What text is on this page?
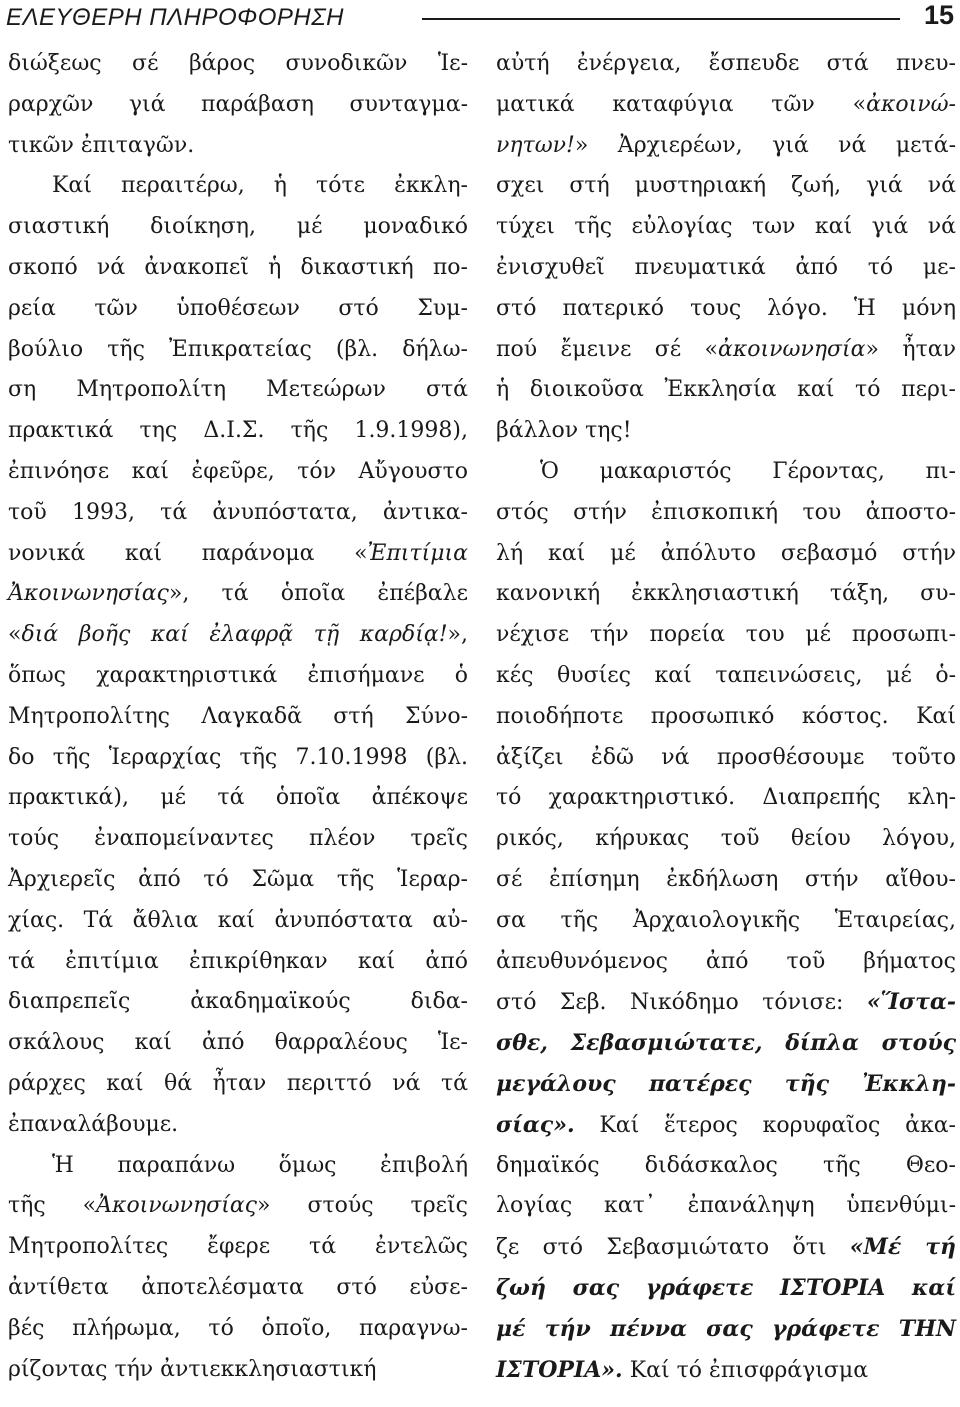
ΕΛΕΥΘΕΡΗ ΠΛΗΡΟΦΟΡΗΣΗ	15
διώξεως σέ βάρος συνοδικῶν Ἱε-
ραρχῶν γιά παράβαση συνταγμα-
τικῶν ἐπιταγῶν.
Καί περαιτέρω, ἡ τότε ἐκκλη-
σιαστική διοίκηση, μέ μοναδικό
σκοπό νά ἀνακοπεῖ ἡ δικαστική πο-
ρεία τῶν ὑποθέσεων στό Συμ-
βούλιο τῆς Ἐπικρατείας (βλ. δήλω-
ση Μητροπολίτη Μετεώρων στά
πρακτικά της Δ.Ι.Σ. τῆς 1.9.1998),
ἐπινόησε καί ἐφεῦρε, τόν Αὔγουστο
τοῦ 1993, τά ἀνυπόστατα, ἀντικα-
νονικά καί παράνομα «Ἐπιτίμια
Ἀκοινωνησίας», τά ὁποῖα ἐπέβαλε
«διά βοῆς καί ἐλαφρᾷ τῇ καρδίᾳ!»,
ὅπως χαρακτηριστικά ἐπισήμανε ὁ
Μητροπολίτης Λαγκαδᾶ στή Σύνο-
δο τῆς Ἱεραρχίας τῆς 7.10.1998 (βλ.
πρακτικά), μέ τά ὁποῖα ἀπέκοψε
τούς ἐναπομείναντες πλέον τρεῖς
Ἀρχιερεῖς ἀπό τό Σῶμα τῆς Ἱεραρ-
χίας. Τά ἄθλια καί ἀνυπόστατα αὐ-
τά ἐπιτίμια ἐπικρίθηκαν καί ἀπό
διαπρεπεῖς ἀκαδημαϊκούς διδα-
σκάλους καί ἀπό θαρραλέους Ἱε-
ράρχες καί θά ἦταν περιττό νά τά
ἐπαναλάβουμε.
Ἡ παραπάνω ὅμως ἐπιβολή
τῆς «Ἀκοινωνησίας» στούς τρεῖς
Μητροπολίτες ἔφερε τά ἐντελῶς
ἀντίθετα ἀποτελέσματα στό εὐσε-
βές πλήρωμα, τό ὁποῖο, παραγνω-
ρίζοντας τήν ἀντιεκκλησιαστική
αὐτή ἐνέργεια, ἔσπευδε στά πνευ-
ματικά καταφύγια τῶν «ἀκοινώ-
νητων!» Ἀρχιερέων, γιά νά μετά-
σχει στή μυστηριακή ζωή, γιά νά
τύχει τῆς εὐλογίας των καί γιά νά
ἐνισχυθεῖ πνευματικά ἀπό τό με-
στό πατερικό τους λόγο. Ἡ μόνη
πού ἔμεινε σέ «ἀκοινωνησία» ἦταν
ἡ διοικοῦσα Ἐκκλησία καί τό περι-
βάλλον της!
Ὁ μακαριστός Γέροντας, πι-
στός στήν ἐπισκοπική του ἀποστο-
λή καί μέ ἀπόλυτο σεβασμό στήν
κανονική ἐκκλησιαστική τάξη, συ-
νέχισε τήν πορεία του μέ προσωπι-
κές θυσίες καί ταπεινώσεις, μέ ὁ-
ποιοδήποτε προσωπικό κόστος. Καί
ἀξίζει ἐδῶ νά προσθέσουμε τοῦτο
τό χαρακτηριστικό. Διαπρεπής κλη-
ρικός, κήρυκας τοῦ θείου λόγου,
σέ ἐπίσημη ἐκδήλωση στήν αἴθου-
σα τῆς Ἀρχαιολογικῆς Ἑταιρείας,
ἀπευθυνόμενος ἀπό τοῦ βήματος
στό Σεβ. Νικόδημο τόνισε: «Ἵστα-
σθε, Σεβασμιώτατε, δίπλα στούς
μεγάλους πατέρες τῆς Ἐκκλη-
σίας». Καί ἕτερος κορυφαῖος ἀκα-
δημαϊκός διδάσκαλος τῆς Θεο-
λογίας κατ᾽ ἐπανάληψη ὑπενθύμι-
ζε στό Σεβασμιώτατο ὅτι «Μέ τή
ζωή σας γράφετε ΙΣΤΟΡΙΑ καί
μέ τήν πέννα σας γράφετε ΤΗΝ
ΙΣΤΟΡΙΑ». Καί τό ἐπισφράγισμα
